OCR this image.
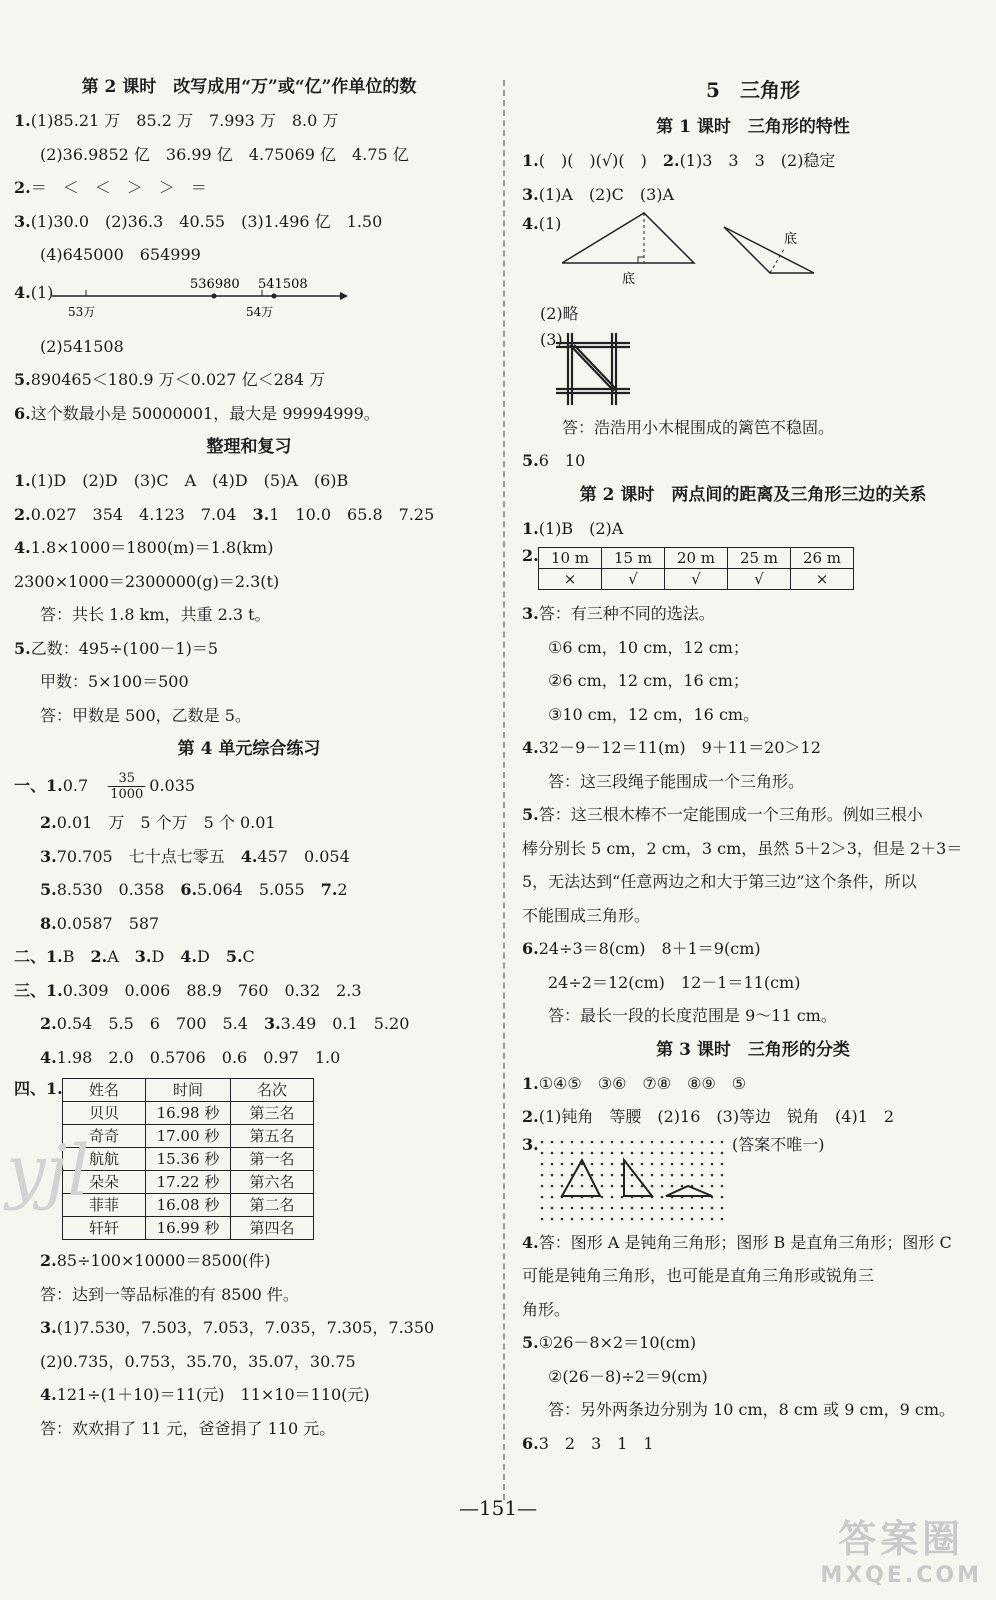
第 2 课时　改写成用“万”或“亿”作单位的数
1.(1)85.21 万　85.2 万　7.993 万　8.0 万
(2)36.9852 亿　36.99 亿　4.75069 亿　4.75 亿
2.＝　＜　＜　＞　＞　＝
3.(1)30.0　(2)36.3　40.55　(3)1.496 亿　1.50
(4)645000　654999
4.(1)	536980 541508
53万	54万
(2)541508
5.890465＜180.9 万＜0.027 亿＜284 万
6.这个数最小是 50000001，最大是 99994999。
整理和复习
1.(1)D　(2)D　(3)C　A　(4)D　(5)A　(6)B
2.0.027　354　4.123　7.04　 3.1　10.0　65.8　7.25
4.1.8×1000＝1800(m)＝1.8(km)
2300×1000＝2300000(g)＝2.3(t)
答：共长 1.8 km，共重 2.3 t。
5.乙数：495÷(100－1)＝5
甲数：5×100＝500
答：甲数是 500，乙数是 5。
第 4 单元综合练习
一、1.0.7　 $\frac{35}{1000} 0.035$
2.0.01　万　5 个万　5 个 0.01
3.70.705　七十点七零五　 4.457　0.054
5.8.530　0.358　 6.5.064　5.055　 7.2
8.0.0587　587
二、1.B　2.A　3.D　4.D　5.C
三、1.0.309　0.006　88.9　760　0.32　2.3
2.0.54　5.5　6　700　5.4　 3.3.49　0.1　5.20
4.1.98　2.0　0.5706　0.6　0.97　1.0
四、1. 姓名	时间	名次
贝贝	16.98 秒	第三名
奇奇	17.00 秒	第五名
航航	15.36 秒	第一名
朵朵	17.22 秒	第六名
菲菲	16.08 秒	第二名
轩轩	16.99 秒	第四名
2.85÷100×10000＝8500(件)
答：达到一等品标准的有 8500 件。
3.(1)7.530，7.503，7.053，7.035，7.305，7.350
(2)0.735，0.753，35.70，35.07，30.75
4.121÷(1＋10)＝11(元)　11×10＝110(元)
答：欢欢捐了 11 元，爸爸捐了 110 元。
5　三角形
第 1 课时　三角形的特性
1.(　)(　)(√)(　)　 2.(1)3　3　3　(2)稳定
3.(1)A　(2)C　(3)A
4.(1)
底
底
(2)略
(3)
答：浩浩用小木棍围成的篱笆不稳固。
5.6　10
第 2 课时　两点间的距离及三角形三边的关系
1.(1)B　(2)A
2. 10 m	15 m	20 m	25 m	26 m
×	√	√	√	×
3.答：有三种不同的选法。
①6 cm，10 cm，12 cm；
②6 cm，12 cm，16 cm；
③10 cm，12 cm，16 cm。
4.32－9－12＝11(m)　9＋11＝20＞12
答：这三段绳子能围成一个三角形。
5.答：这三根木棒不一定能围成一个三角形。例如三根小
棒分别长 5 cm，2 cm，3 cm，虽然 5＋2＞3，但是 2＋3＝
5，无法达到“任意两边之和大于第三边”这个条件，所以
不能围成三角形。
6.24÷3＝8(cm)　8＋1＝9(cm)
24÷2＝12(cm)　12－1＝11(cm)
答：最长一段的长度范围是 9～11 cm。
第 3 课时　三角形的分类
1.①④⑤　③⑥　⑦⑧　⑧⑨　⑤
2.(1)钝角　等腰　(2)16　(3)等边　锐角　(4)1　2
3.	(答案不唯一)
4.答：图形 A 是钝角三角形；图形 B 是直角三角形；图形 C
可能是钝角三角形，也可能是直角三角形或锐角三
角形。
5.①26－8×2＝10(cm)
②(26－8)÷2＝9(cm)
答：另外两条边分别为 10 cm，8 cm 或 9 cm，9 cm。
6.3　2　3　1　1
—151—
yjl
答案圈
MXQE.COM
